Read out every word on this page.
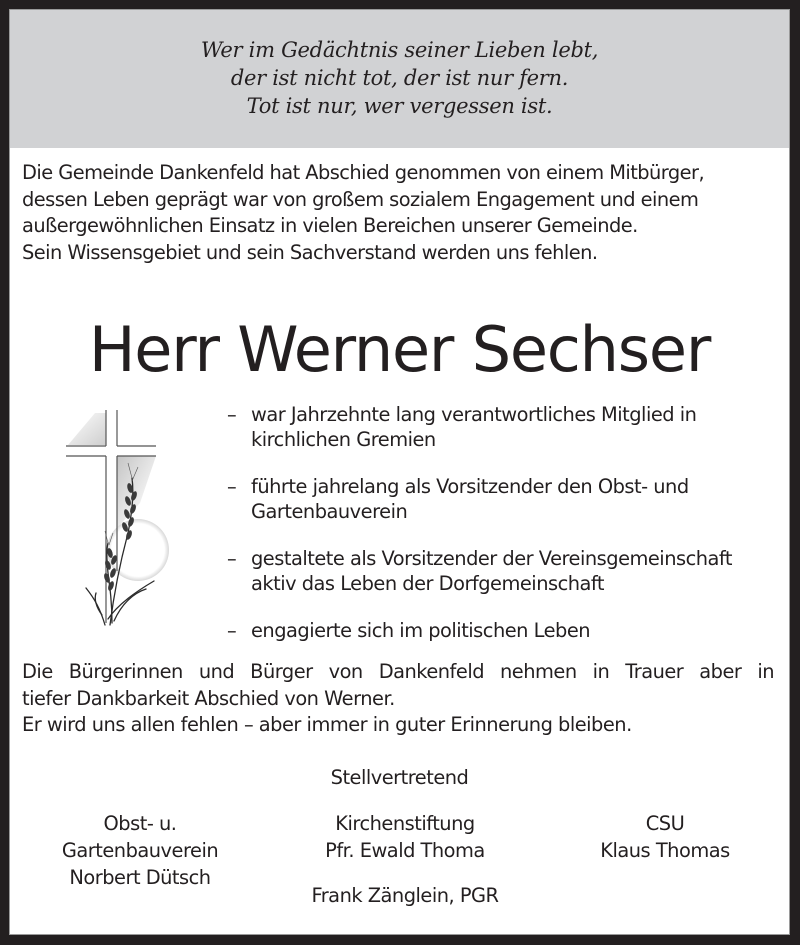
Wer im Gedächtnis seiner Lieben lebt,
der ist nicht tot, der ist nur fern.
Tot ist nur, wer vergessen ist.
Die Gemeinde Dankenfeld hat Abschied genommen von einem Mitbürger,
dessen Leben geprägt war von großem sozialem Engagement und einem
außergewöhnlichen Einsatz in vielen Bereichen unserer Gemeinde.
Sein Wissensgebiet und sein Sachverstand werden uns fehlen.
Herr Werner Sechser
– war Jahrzehnte lang verantwortliches Mitglied in
kirchlichen Gremien
– führte jahrelang als Vorsitzender den Obst- und
Gartenbauverein
– gestaltete als Vorsitzender der Vereinsgemeinschaft
aktiv das Leben der Dorfgemeinschaft
– engagierte sich im politischen Leben
Die Bürgerinnen und Bürger von Dankenfeld nehmen in Trauer aber in
tiefer Dankbarkeit Abschied von Werner.
Er wird uns allen fehlen – aber immer in guter Erinnerung bleiben.
Stellvertretend
Obst- u.
Gartenbauverein
Norbert Dütsch
Kirchenstiftung
Pfr. Ewald Thoma
Frank Zänglein, PGR
CSU
Klaus Thomas
